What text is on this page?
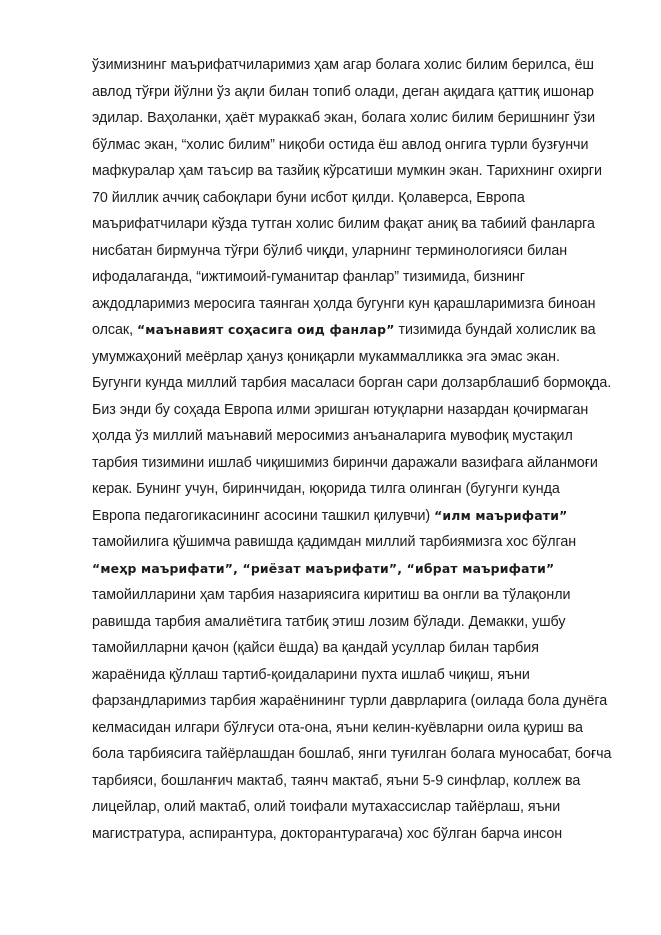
ўзимизнинг маърифатчиларимиз ҳам агар болага холис билим берилса, ёш
авлод тўғри йўлни ўз ақли билан топиб олади, деган ақидага қаттиқ ишонар
эдилар. Ваҳоланки, ҳаёт мураккаб экан, болага холис билим беришнинг ўзи
бўлмас экан, “холис билим” ниқоби остида ёш авлод онгига турли бузғунчи
мафкуралар ҳам таъсир ва тазйиқ кўрсатиши мумкин экан. Тарихнинг охирги
70 йиллик аччиқ сабоқлари буни исбот қилди. Қолаверса, Европа
маърифатчилари кўзда тутган холис билим фақат аниқ ва табиий фанларга
нисбатан бирмунча тўғри бўлиб чиқди, уларнинг терминологияси билан
ифодалаганда, “ижтимоий-гуманитар фанлар” тизимида, бизнинг
аждодларимиз меросига таянган ҳолда бугунги кун қарашларимизга биноан
олсак, “маънавият соҳасига оид фанлар” тизимида бундай холислик ва
умумжаҳоний меёрлар ҳануз қониқарли мукаммалликка эга эмас экан.
Бугунги кунда миллий тарбия масаласи борган сари долзарблашиб бормоқда.
Биз энди бу соҳада Европа илми эришган ютуқларни назардан қочирмаган
ҳолда ўз миллий маънавий меросимиз анъаналарига мувофиқ мустақил
тарбия тизимини ишлаб чиқишимиз биринчи даражали вазифага айланмоғи
керак. Бунинг учун, биринчидан, юқорида тилга олинган (бугунги кунда
Европа педагогикасининг асосини ташкил қилувчи) “илм маърифати”
тамойилига қўшимча равишда қадимдан миллий тарбиямизга хос бўлган
“меҳр маърифати”, “риёзат маърифати”, “ибрат маърифати”
тамойилларини ҳам тарбия назариясига киритиш ва онгли ва тўлақонли
равишда тарбия амалиётига татбиқ этиш лозим бўлади. Демакки, ушбу
тамойилларни қачон (қайси ёшда) ва қандай усуллар билан тарбия
жараёнида қўллаш тартиб-қоидаларини пухта ишлаб чиқиш, яъни
фарзандларимиз тарбия жараёнининг турли даврларига (оилада бола дунёга
келмасидан илгари бўлғуси ота-она, яъни келин-куёвларни оила қуриш ва
бола тарбиясига тайёрлашдан бошлаб, янги туғилган болага муносабат, боғча
тарбияси, бошланғич мактаб, таянч мактаб, яъни 5-9 синфлар, коллеж ва
лицейлар, олий мактаб, олий тоифали мутахассислар тайёрлаш, яъни
магистратура, аспирантура, докторантурагача) хос бўлган барча инсон
